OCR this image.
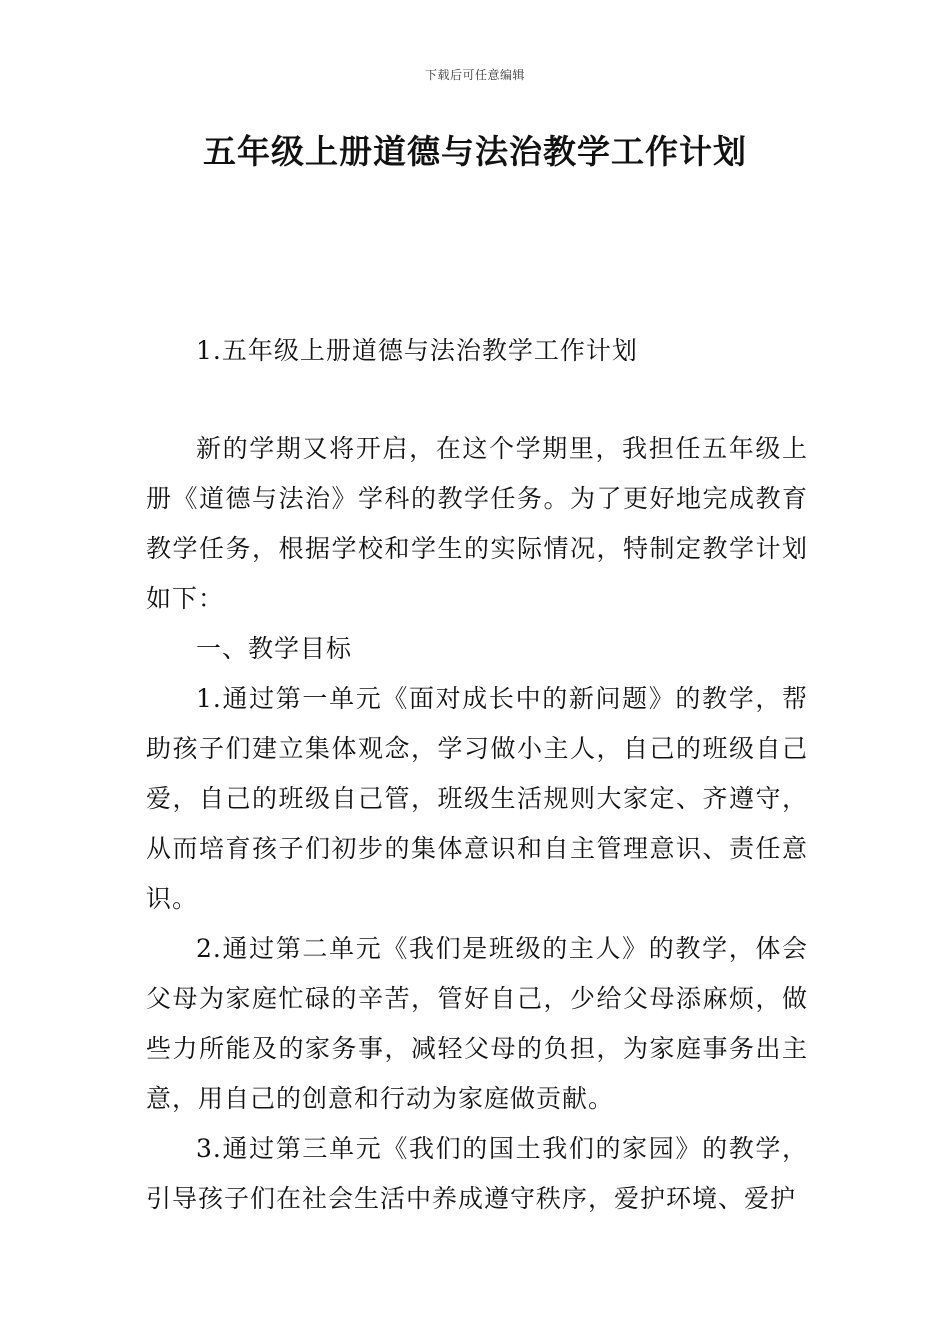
下载后可任意编辑
五年级上册道德与法治教学工作计划

1.五年级上册道德与法治教学工作计划

新的学期又将开启，在这个学期里，我担任五年级上册《道德与法治》学科的教学任务。为了更好地完成教育教学任务，根据学校和学生的实际情况，特制定教学计划如下：

一、教学目标

1.通过第一单元《面对成长中的新问题》的教学，帮助孩子们建立集体观念，学习做小主人，自己的班级自己爱，自己的班级自己管，班级生活规则大家定、齐遵守，从而培育孩子们初步的集体意识和自主管理意识、责任意识。

2.通过第二单元《我们是班级的主人》的教学，体会父母为家庭忙碌的辛苦，管好自己，少给父母添麻烦，做些力所能及的家务事，减轻父母的负担，为家庭事务出主意，用自己的创意和行动为家庭做贡献。

3.通过第三单元《我们的国土我们的家园》的教学，引导孩子们在社会生活中养成遵守秩序，爱护环境、爱护
